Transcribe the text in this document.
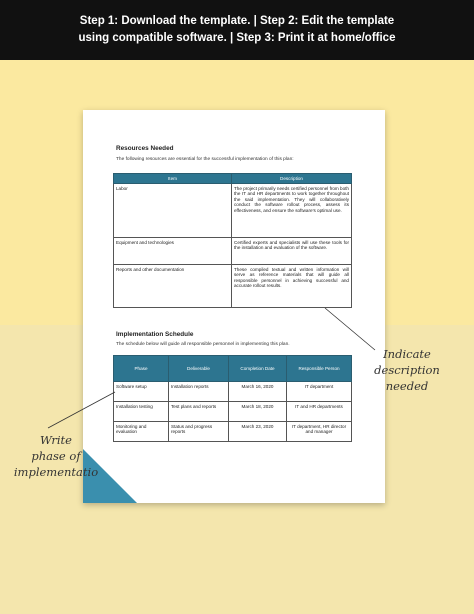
Step 1: Download the template. | Step 2: Edit the template
using compatible software. | Step 3: Print it at home/office
Resources Needed
The following resources are essential for the successful implementation of this plan:
Item	Description
Labor	The project primarily needs certified personnel from both the IT and HR departments to work together throughout the said implementation. They will collaboratively conduct the software rollout process, assess its effectiveness, and ensure the software's optimal use.
Equipment and technologies	Certified experts and specialists will use these tools for the installation and evaluation of the software.
Reports and other documentation	These compiled textual and written information will serve as reference materials that will guide all responsible personnel in achieving successful and accurate rollout results.
Implementation Schedule
The schedule below will guide all responsible personnel in implementing this plan.
Phase	Deliverable	Completion Date	Responsible Person
Software setup	Installation reports	March 16, 2020	IT department
Installation testing	Test plans and reports	March 18, 2020	IT and HR departments
Monitoring and evaluation	Status and progress reports	March 23, 2020	IT department, HR director and manager
Indicate
description
needed
Write
phase of
implementatio
